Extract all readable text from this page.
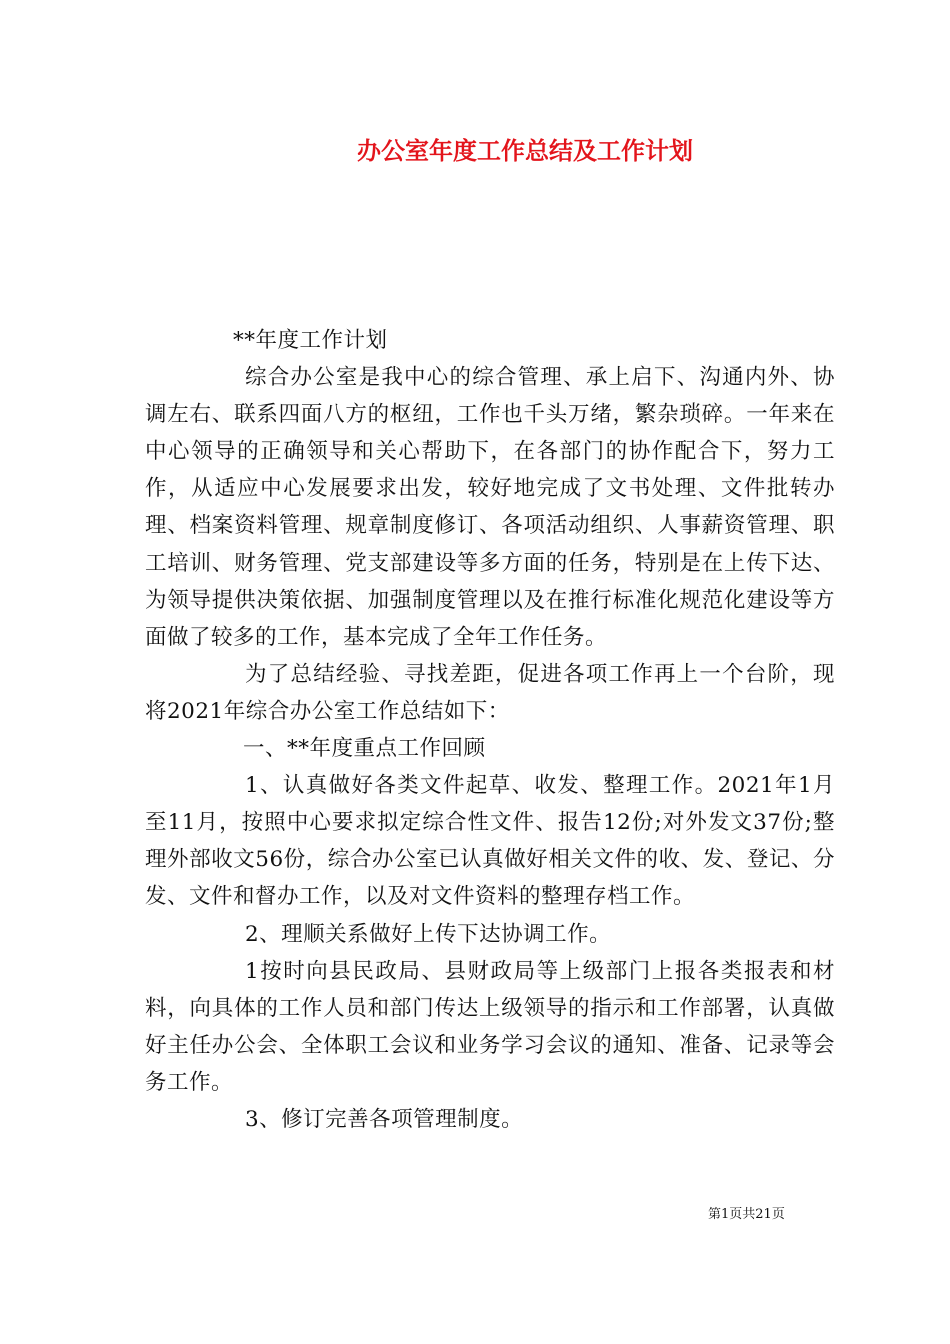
办公室年度工作总结及工作计划

**年度工作计划

综合办公室是我中心的综合管理、承上启下、沟通内外、协调左右、联系四面八方的枢纽，工作也千头万绪，繁杂琐碎。一年来在中心领导的正确领导和关心帮助下，在各部门的协作配合下，努力工作，从适应中心发展要求出发，较好地完成了文书处理、文件批转办理、档案资料管理、规章制度修订、各项活动组织、人事薪资管理、职工培训、财务管理、党支部建设等多方面的任务，特别是在上传下达、为领导提供决策依据、加强制度管理以及在推行标准化规范化建设等方面做了较多的工作，基本完成了全年工作任务。

为了总结经验、寻找差距，促进各项工作再上一个台阶，现将2021年综合办公室工作总结如下：

一、**年度重点工作回顾

1、认真做好各类文件起草、收发、整理工作。2021年1月至11月，按照中心要求拟定综合性文件、报告12份;对外发文37份;整理外部收文56份，综合办公室已认真做好相关文件的收、发、登记、分发、文件和督办工作，以及对文件资料的整理存档工作。

2、理顺关系做好上传下达协调工作。

1按时向县民政局、县财政局等上级部门上报各类报表和材料，向具体的工作人员和部门传达上级领导的指示和工作部署，认真做好主任办公会、全体职工会议和业务学习会议的通知、准备、记录等会务工作。

3、修订完善各项管理制度。

第1页共21页
